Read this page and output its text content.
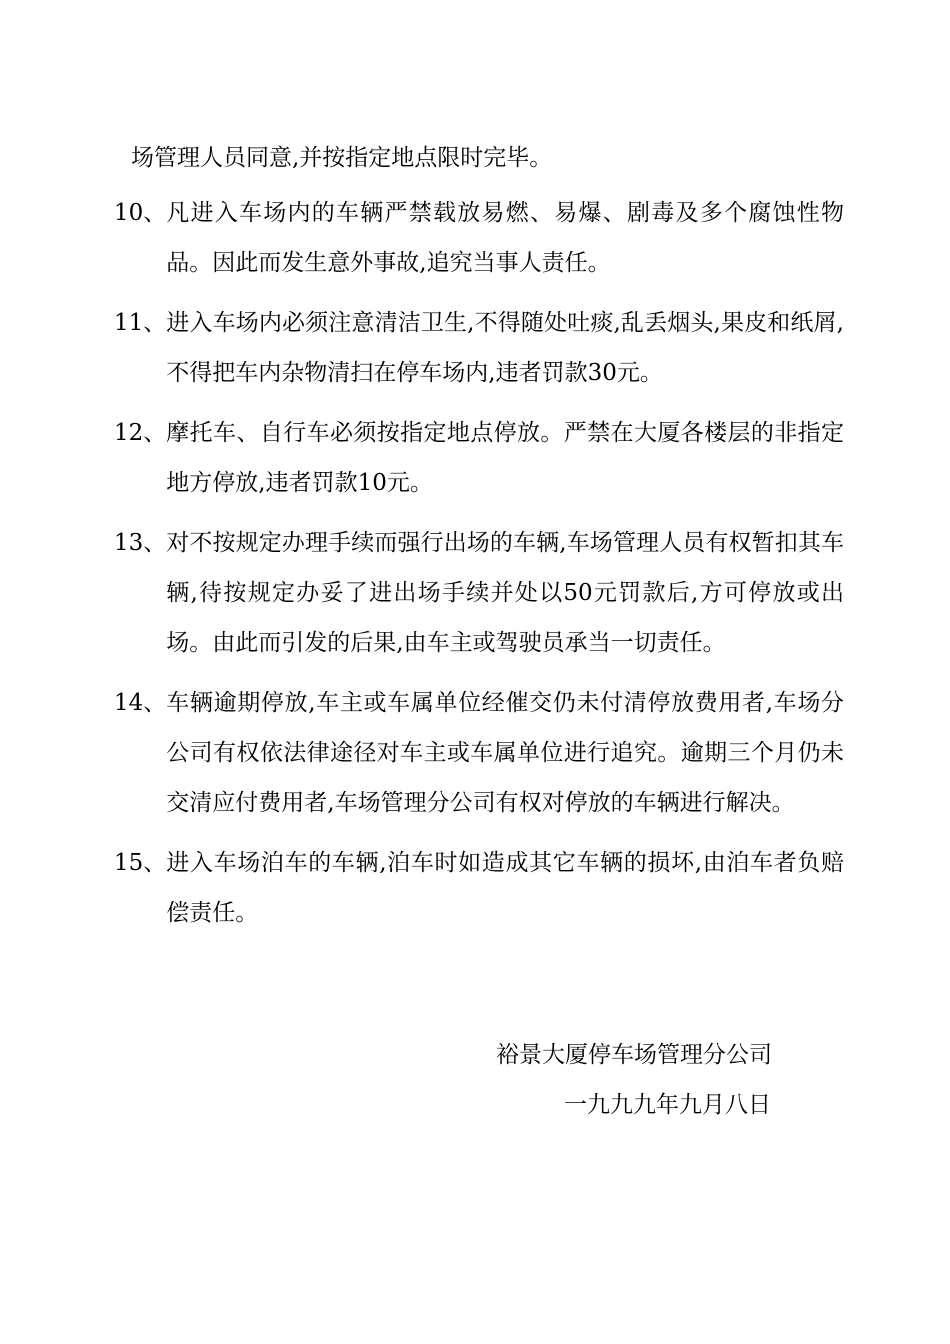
场管理人员同意,并按指定地点限时完毕。

10、 凡进入车场内的车辆严禁载放易燃、易爆、剧毒及多个腐蚀性物品。因此而发生意外事故,追究当事人责任。
11、 进入车场内必须注意清洁卫生,不得随处吐痰,乱丢烟头,果皮和纸屑,不得把车内杂物清扫在停车场内,违者罚款30元。
12、 摩托车、自行车必须按指定地点停放。严禁在大厦各楼层的非指定地方停放,违者罚款10元。
13、 对不按规定办理手续而强行出场的车辆,车场管理人员有权暂扣其车辆,待按规定办妥了进出场手续并处以50元罚款后,方可停放或出场。由此而引发的后果,由车主或驾驶员承当一切责任。
14、 车辆逾期停放,车主或车属单位经催交仍未付清停放费用者,车场分公司有权依法律途径对车主或车属单位进行追究。逾期三个月仍未交清应付费用者,车场管理分公司有权对停放的车辆进行解决。
15、 进入车场泊车的车辆,泊车时如造成其它车辆的损坏,由泊车者负赔偿责任。

裕景大厦停车场管理分公司

一九九九年九月八日
